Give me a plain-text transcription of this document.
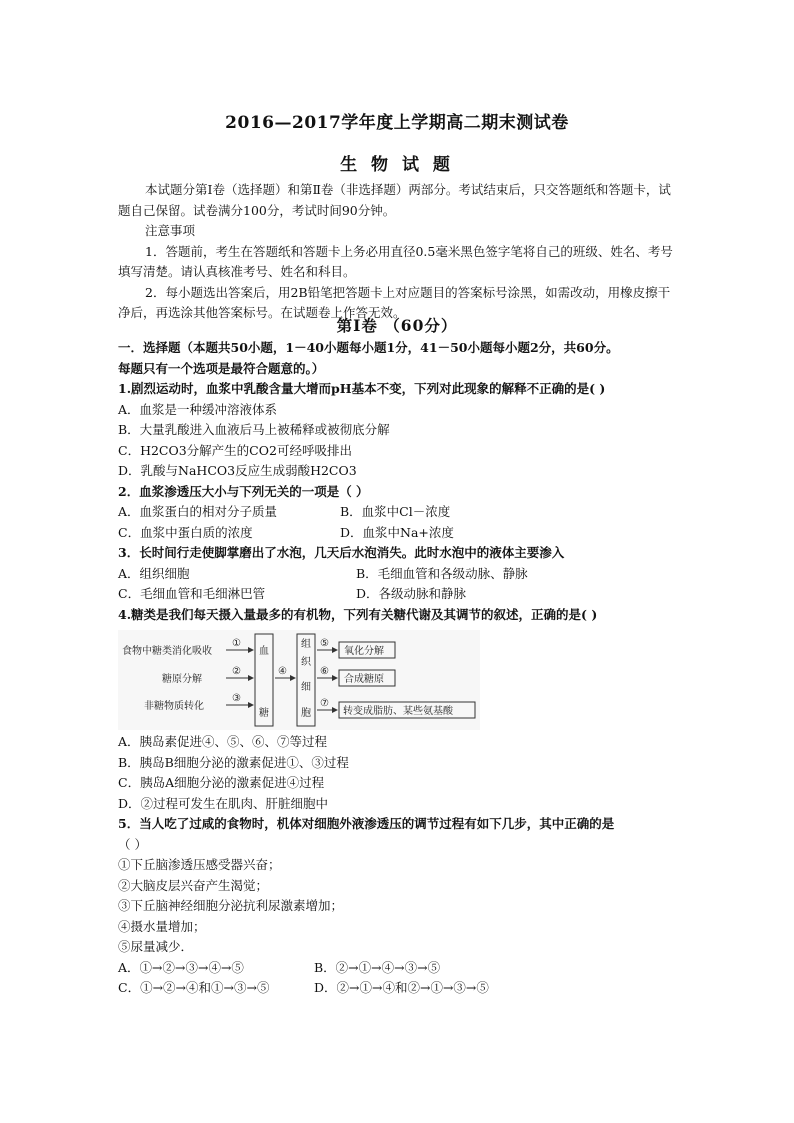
2016—2017学年度上学期高二期末测试卷
生 物 试 题
本试题分第Ⅰ卷（选择题）和第Ⅱ卷（非选择题）两部分。考试结束后，只交答题纸和答题卡，试题自己保留。试卷满分100分，考试时间90分钟。
注意事项
1．答题前，考生在答题纸和答题卡上务必用直径0.5毫米黑色签字笔将自己的班级、姓名、考号填写清楚。请认真核准考号、姓名和科目。
2．每小题选出答案后，用2B铅笔把答题卡上对应题目的答案标号涂黑，如需改动，用橡皮擦干净后，再选涂其他答案标号。在试题卷上作答无效。
第Ⅰ卷 （60分）
一．选择题（本题共50小题，1－40小题每小题1分，41－50小题每小题2分，共60分。
每题只有一个选项是最符合题意的。）
1.剧烈运动时，血浆中乳酸含量大增而pH基本不变，下列对此现象的解释不正确的是( )
A．血浆是一种缓冲溶液体系
B．大量乳酸进入血液后马上被稀释或被彻底分解
C．H2CO3分解产生的CO2可经呼吸排出
D．乳酸与NaHCO3反应生成弱酸H2CO3
2．血浆渗透压大小与下列无关的一项是（ ）
A．血浆蛋白的相对分子质量	B．血浆中Cl－浓度
C．血浆中蛋白质的浓度	D．血浆中Na+浓度
3．长时间行走使脚掌磨出了水泡，几天后水泡消失。此时水泡中的液体主要渗入
A．组织细胞	B．毛细血管和各级动脉、静脉
C．毛细血管和毛细淋巴管	D．各级动脉和静脉
4.糖类是我们每天摄入量最多的有机物，下列有关糖代谢及其调节的叙述，正确的是( )
食物中糖类消化吸收
糖原分解
非糖物质转化
①
②
③
血
糖
④
组
织
细
胞
⑤
⑥
⑦
氧化分解
合成糖原
转变成脂肪、某些氨基酸
A．胰岛素促进④、⑤、⑥、⑦等过程
B．胰岛B细胞分泌的激素促进①、③过程
C．胰岛A细胞分泌的激素促进④过程
D．②过程可发生在肌肉、肝脏细胞中
5．当人吃了过咸的食物时，机体对细胞外液渗透压的调节过程有如下几步，其中正确的是
（ ）
①下丘脑渗透压感受器兴奋；
②大脑皮层兴奋产生渴觉；
③下丘脑神经细胞分泌抗利尿激素增加；
④摄水量增加；
⑤尿量减少．
A．①→②→③→④→⑤	B．②→①→④→③→⑤
C．①→②→④和①→③→⑤	D．②→①→④和②→①→③→⑤
